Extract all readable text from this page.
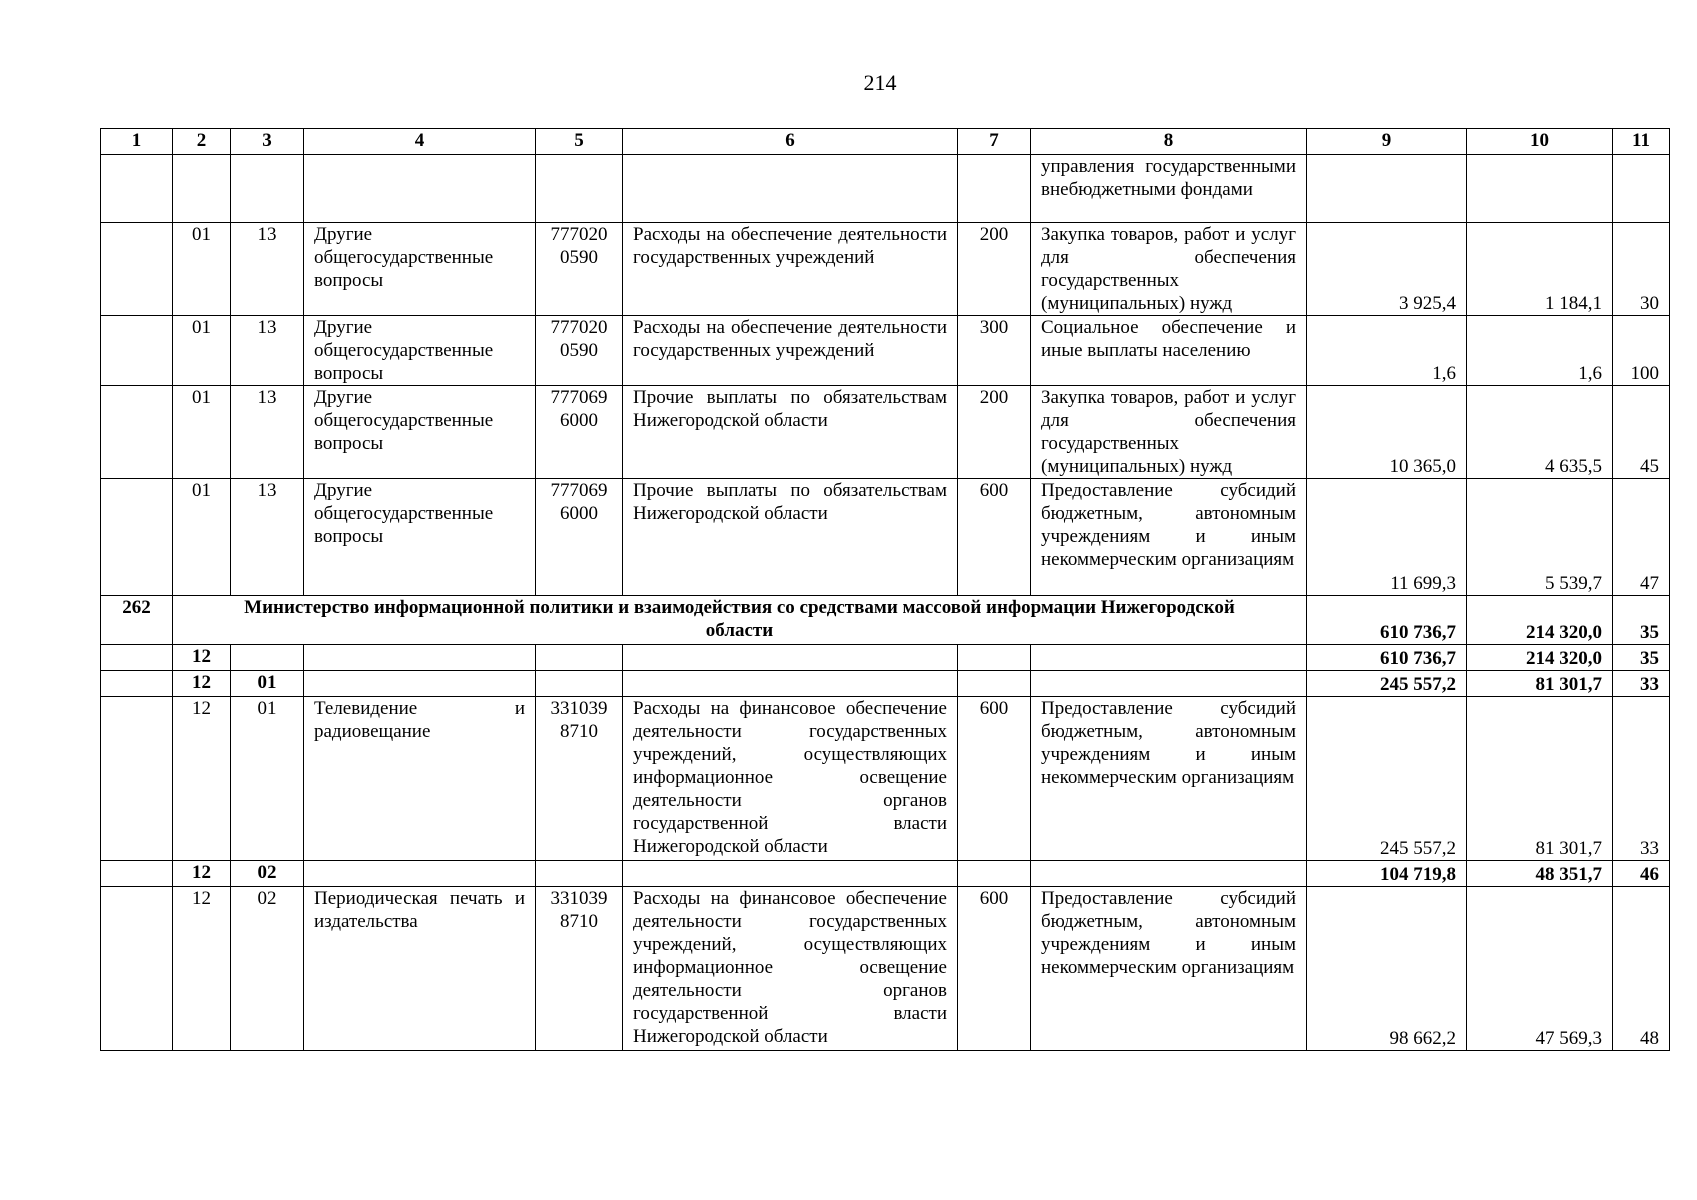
214
1	2	3	4	5	6	7	8	9	10	11
							управления государственными внебюджетными фондами			
	01	13	Другие общегосударственные вопросы	777020 0590	Расходы на обеспечение деятельности государственных учреждений	200	Закупка товаров, работ и услуг для обеспечения государственных (муниципальных) нужд	3 925,4	1 184,1	30
	01	13	Другие общегосударственные вопросы	777020 0590	Расходы на обеспечение деятельности государственных учреждений	300	Социальное обеспечение и иные выплаты населению	1,6	1,6	100
	01	13	Другие общегосударственные вопросы	777069 6000	Прочие выплаты по обязательствам Нижегородской области	200	Закупка товаров, работ и услуг для обеспечения государственных (муниципальных) нужд	10 365,0	4 635,5	45
	01	13	Другие общегосударственные вопросы	777069 6000	Прочие выплаты по обязательствам Нижегородской области	600	Предоставление субсидий бюджетным, автономным учреждениям и иным некоммерческим организациям	11 699,3	5 539,7	47
262	Министерство информационной политики и взаимодействия со средствами массовой информации Нижегородской области							610 736,7	214 320,0	35
	12							610 736,7	214 320,0	35
	12	01						245 557,2	81 301,7	33
	12	01	Телевидение и радиовещание	331039 8710	Расходы на финансовое обеспечение деятельности государственных учреждений, осуществляющих информационное освещение деятельности органов государственной власти Нижегородской области	600	Предоставление субсидий бюджетным, автономным учреждениям и иным некоммерческим организациям	245 557,2	81 301,7	33
	12	02						104 719,8	48 351,7	46
	12	02	Периодическая печать и издательства	331039 8710	Расходы на финансовое обеспечение деятельности государственных учреждений, осуществляющих информационное освещение деятельности органов государственной власти Нижегородской области	600	Предоставление субсидий бюджетным, автономным учреждениям и иным некоммерческим организациям	98 662,2	47 569,3	48
